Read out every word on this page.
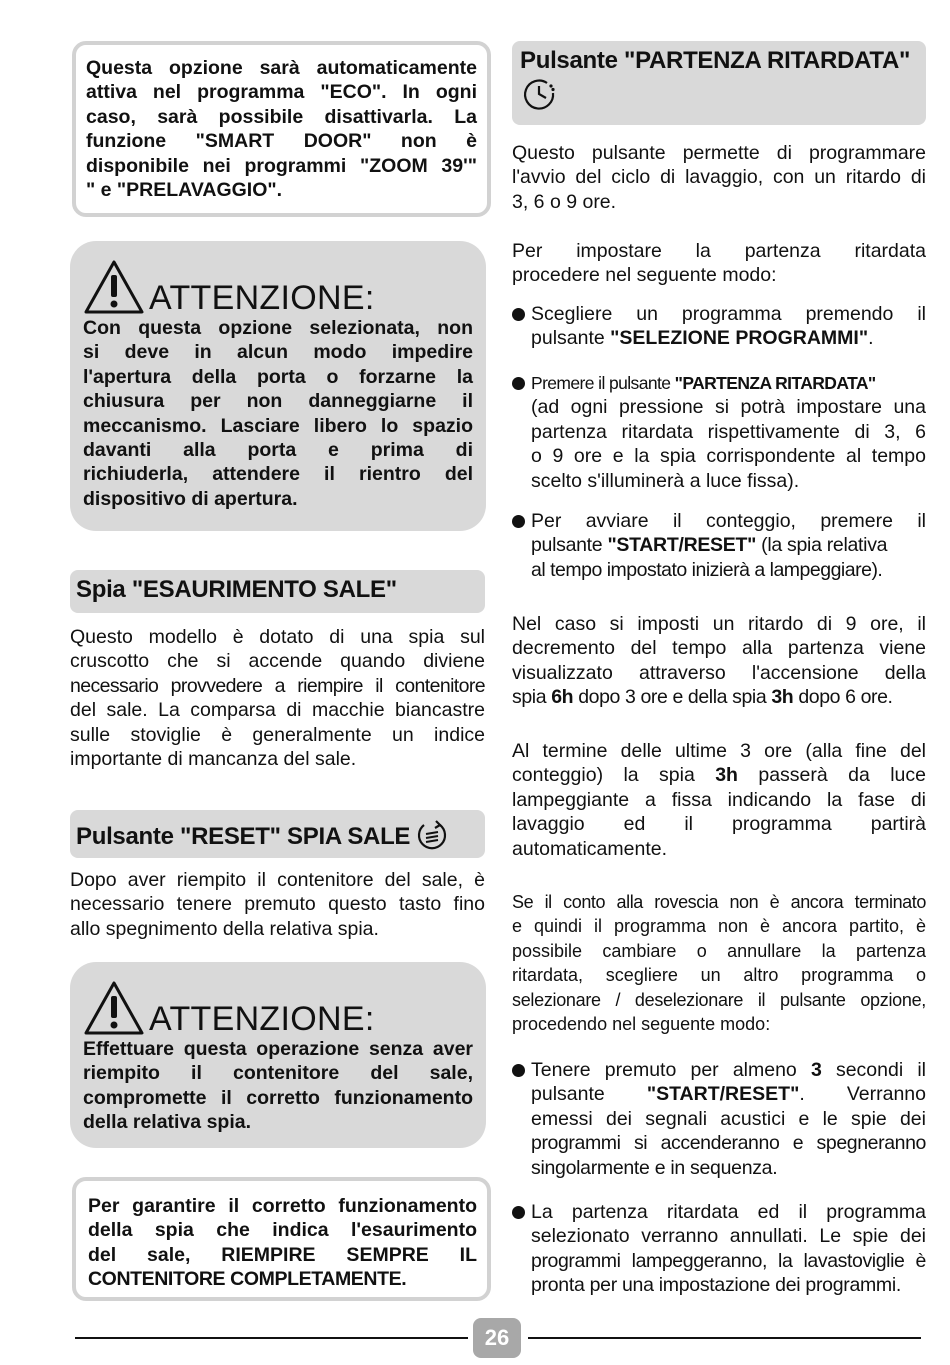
Questa opzione sarà automaticamente
attiva nel programma "ECO". In ogni
caso, sarà possibile disattivarla. La
funzione "SMART DOOR" non è
disponibile nei programmi "ZOOM 39'"
" e "PRELAVAGGIO".
ATTENZIONE:
Con questa opzione selezionata, non
si deve in alcun modo impedire
l'apertura della porta o forzarne la
chiusura per non danneggiarne il
meccanismo. Lasciare libero lo spazio
davanti alla porta e prima di
richiuderla, attendere il rientro del
dispositivo di apertura.
Spia "ESAURIMENTO SALE"
Questo modello è dotato di una spia sul
cruscotto che si accende quando diviene
necessario provvedere a riempire il contenitore
del sale. La comparsa di macchie biancastre
sulle stoviglie è generalmente un indice
importante di mancanza del sale.
Pulsante "RESET" SPIA SALE
Dopo aver riempito il contenitore del sale, è
necessario tenere premuto questo tasto fino
allo spegnimento della relativa spia.
ATTENZIONE:
Effettuare questa operazione senza aver
riempito il contenitore del sale,
compromette il corretto funzionamento
della relativa spia.
Per garantire il corretto funzionamento
della spia che indica l'esaurimento
del sale, RIEMPIRE SEMPRE IL
CONTENITORE COMPLETAMENTE.
Pulsante "PARTENZA RITARDATA"
Questo pulsante permette di programmare
l'avvio del ciclo di lavaggio, con un ritardo di
3, 6 o 9 ore.
Per impostare la partenza ritardata
procedere nel seguente modo:
Scegliere un programma premendo il
pulsante "SELEZIONE PROGRAMMI".
Premere il pulsante "PARTENZA RITARDATA"
(ad ogni pressione si potrà impostare una
partenza ritardata rispettivamente di 3, 6
o 9 ore e la spia corrispondente al tempo
scelto s'illuminerà a luce fissa).
Per avviare il conteggio, premere il
pulsante "START/RESET" (la spia relativa
al tempo impostato inizierà a lampeggiare).
Nel caso si imposti un ritardo di 9 ore, il
decremento del tempo alla partenza viene
visualizzato attraverso l'accensione della
spia 6h dopo 3 ore e della spia 3h dopo 6 ore.
Al termine delle ultime 3 ore (alla fine del
conteggio) la spia 3h passerà da luce
lampeggiante a fissa indicando la fase di
lavaggio ed il programma partirà
automaticamente.
Se il conto alla rovescia non è ancora terminato
e quindi il programma non è ancora partito, è
possibile cambiare o annullare la partenza
ritardata, scegliere un altro programma o
selezionare / deselezionare il pulsante opzione,
procedendo nel seguente modo:
Tenere premuto per almeno 3 secondi il
pulsante "START/RESET". Verranno
emessi dei segnali acustici e le spie dei
programmi si accenderanno e spegneranno
singolarmente e in sequenza.
La partenza ritardata ed il programma
selezionato verranno annullati. Le spie dei
programmi lampeggeranno, la lavastoviglie è
pronta per una impostazione dei programmi.
26
